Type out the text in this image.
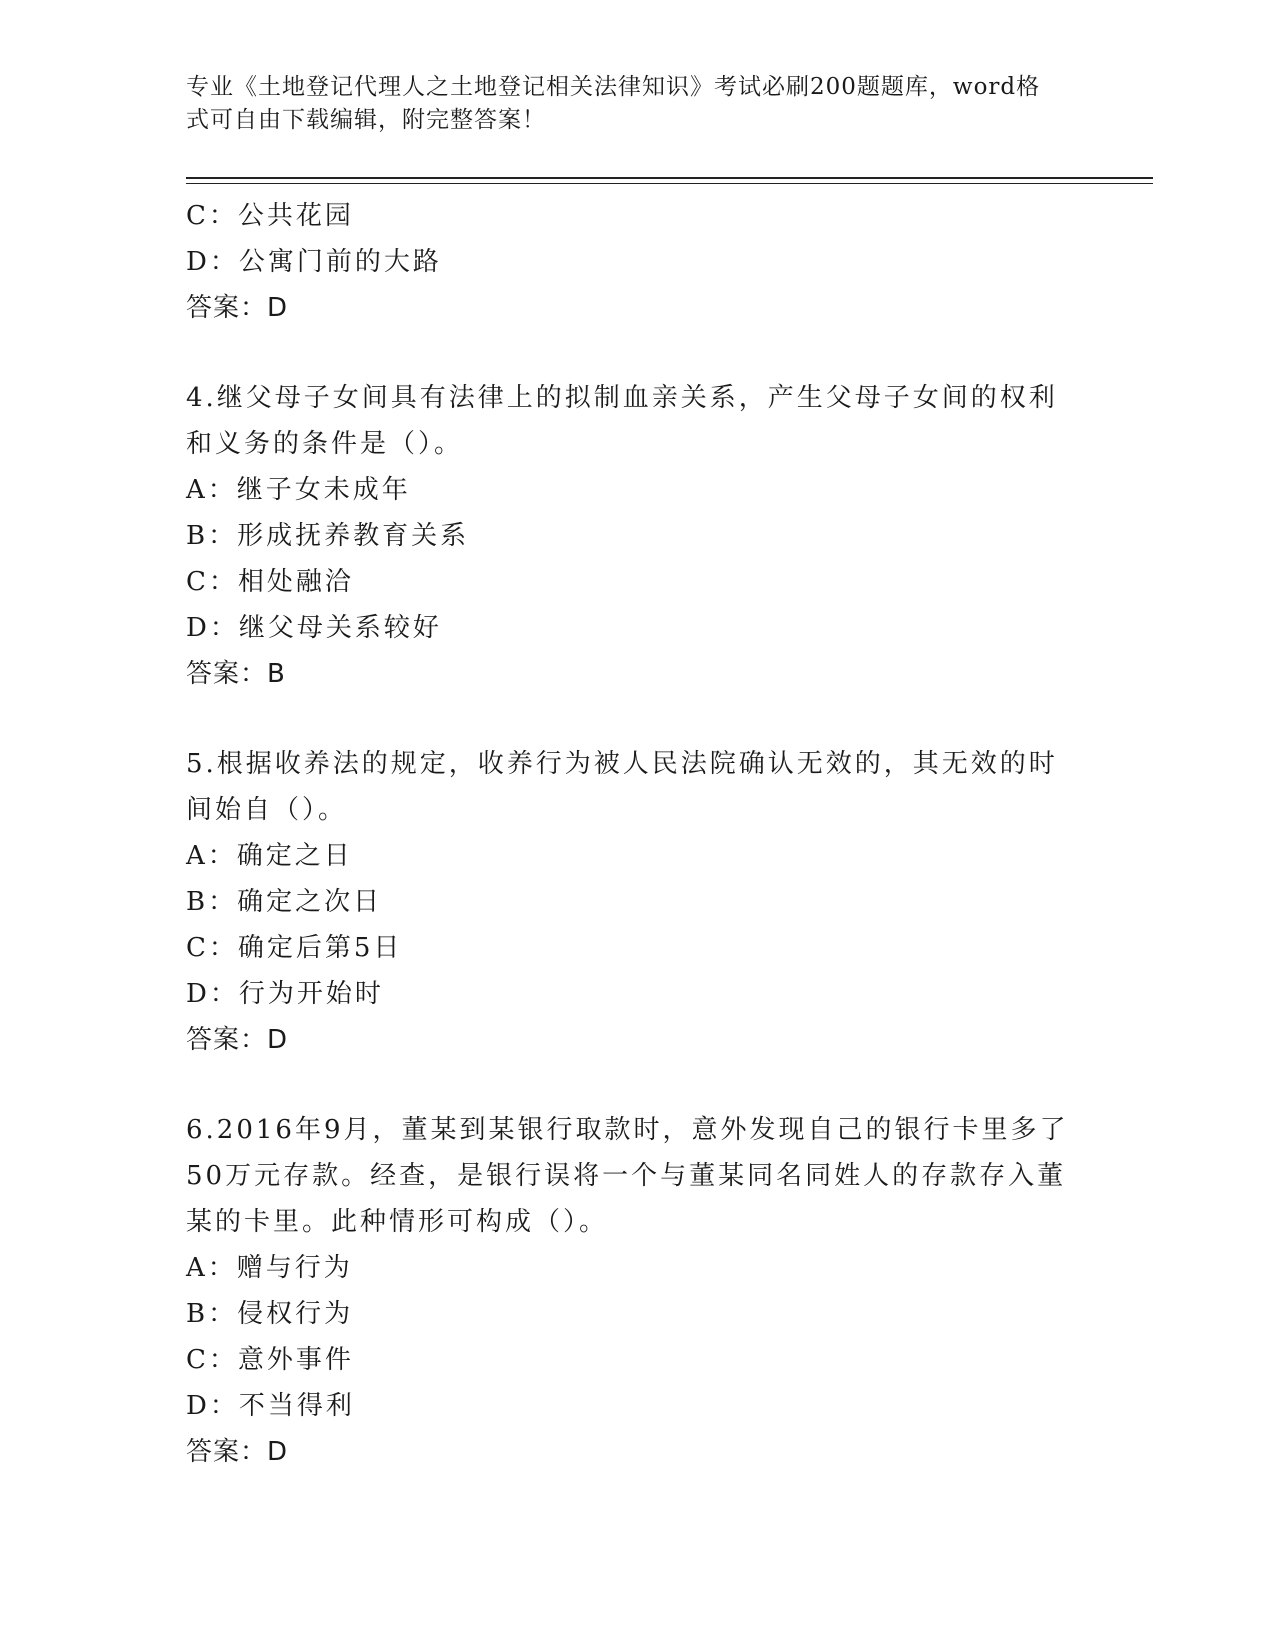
专业《土地登记代理人之土地登记相关法律知识》考试必刷200题题库，word格
式可自由下载编辑，附完整答案！
C：公共花园
D：公寓门前的大路
答案：D
4.继父母子女间具有法律上的拟制血亲关系，产生父母子女间的权利
和义务的条件是（）。
A：继子女未成年
B：形成抚养教育关系
C：相处融洽
D：继父母关系较好
答案：B
5.根据收养法的规定，收养行为被人民法院确认无效的，其无效的时
间始自（）。
A：确定之日
B：确定之次日
C：确定后第5日
D：行为开始时
答案：D
6.2016年9月，董某到某银行取款时，意外发现自己的银行卡里多了
50万元存款。经查，是银行误将一个与董某同名同姓人的存款存入董
某的卡里。此种情形可构成（）。
A：赠与行为
B：侵权行为
C：意外事件
D：不当得利
答案：D
